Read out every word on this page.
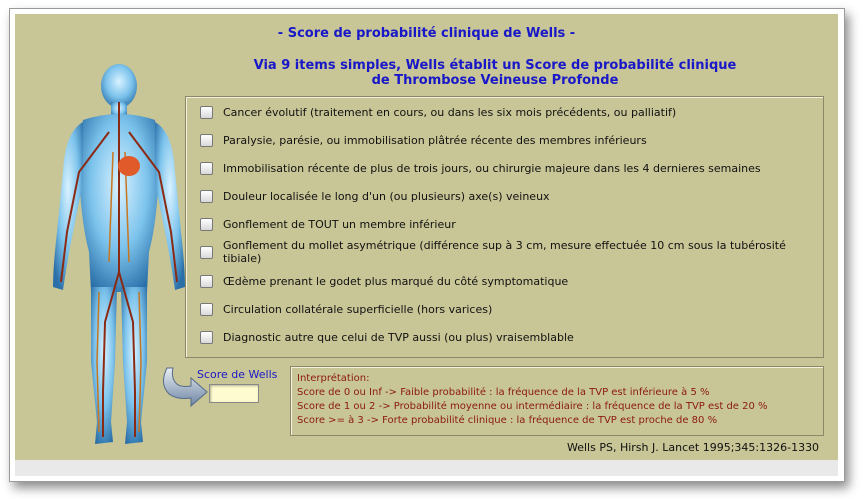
- Score de probabilité clinique de Wells -
Via 9 items simples, Wells établit un Score de probabilité clinique
de Thrombose Veineuse Profonde
Cancer évolutif (traitement en cours, ou dans les six mois précédents, ou palliatif)
Paralysie, parésie, ou immobilisation plâtrée récente des membres inférieurs
Immobilisation récente de plus de trois jours, ou chirurgie majeure dans les 4 dernieres semaines
Douleur localisée le long d'un (ou plusieurs) axe(s) veineux
Gonflement de TOUT un membre inférieur
Gonflement du mollet asymétrique (différence sup à 3 cm, mesure effectuée 10 cm sous la tubérosité tibiale)
Œdème prenant le godet plus marqué du côté symptomatique
Circulation collatérale superficielle (hors varices)
Diagnostic autre que celui de TVP aussi (ou plus) vraisemblable
Score de Wells Interprétation:
Score de 0 ou Inf -> Faible probabilité : la fréquence de la TVP est inférieure à 5 %
Score de 1 ou 2 -> Probabilité moyenne ou intermédiaire : la fréquence de la TVP est de 20 %
Score >= à 3 -> Forte probabilité clinique : la fréquence de TVP est proche de 80 %
Wells PS, Hirsh J. Lancet 1995;345:1326-1330
